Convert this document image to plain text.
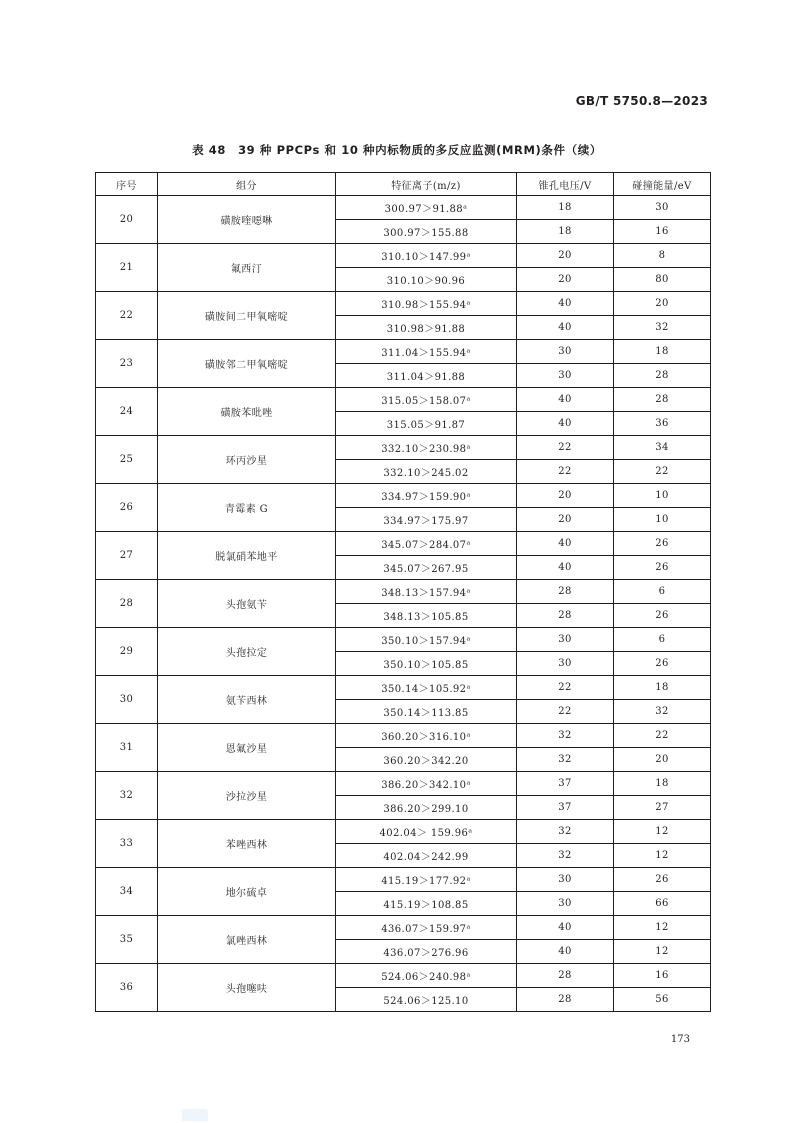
GB/T 5750.8—2023
表 48　39 种 PPCPs 和 10 种内标物质的多反应监测(MRM)条件（续）
序号	组分	特征离子(m/z)	锥孔电压/V	碰撞能量/eV
20	磺胺喹噁啉	300.97＞91.88ᵃ	18	30
		300.97＞155.88	18	16
21	氟西汀	310.10＞147.99ᵃ	20	8
		310.10＞90.96	20	80
22	磺胺间二甲氧嘧啶	310.98＞155.94ᵃ	40	20
		310.98＞91.88	40	32
23	磺胺邻二甲氧嘧啶	311.04＞155.94ᵃ	30	18
		311.04＞91.88	30	28
24	磺胺苯吡唑	315.05＞158.07ᵃ	40	28
		315.05＞91.87	40	36
25	环丙沙星	332.10＞230.98ᵃ	22	34
		332.10＞245.02	22	22
26	青霉素 G	334.97＞159.90ᵃ	20	10
		334.97＞175.97	20	10
27	脱氯硝苯地平	345.07＞284.07ᵃ	40	26
		345.07＞267.95	40	26
28	头孢氨苄	348.13＞157.94ᵃ	28	6
		348.13＞105.85	28	26
29	头孢拉定	350.10＞157.94ᵃ	30	6
		350.10＞105.85	30	26
30	氨苄西林	350.14＞105.92ᵃ	22	18
		350.14＞113.85	22	32
31	恩氟沙星	360.20＞316.10ᵃ	32	22
		360.20＞342.20	32	20
32	沙拉沙星	386.20＞342.10ᵃ	37	18
		386.20＞299.10	37	27
33	苯唑西林	402.04＞ 159.96ᵃ	32	12
		402.04＞242.99	32	12
34	地尔硫卓	415.19＞177.92ᵃ	30	26
		415.19＞108.85	30	66
35	氯唑西林	436.07＞159.97ᵃ	40	12
		436.07＞276.96	40	12
36	头孢噻呋	524.06＞240.98ᵃ	28	16
		524.06＞125.10	28	56
173
